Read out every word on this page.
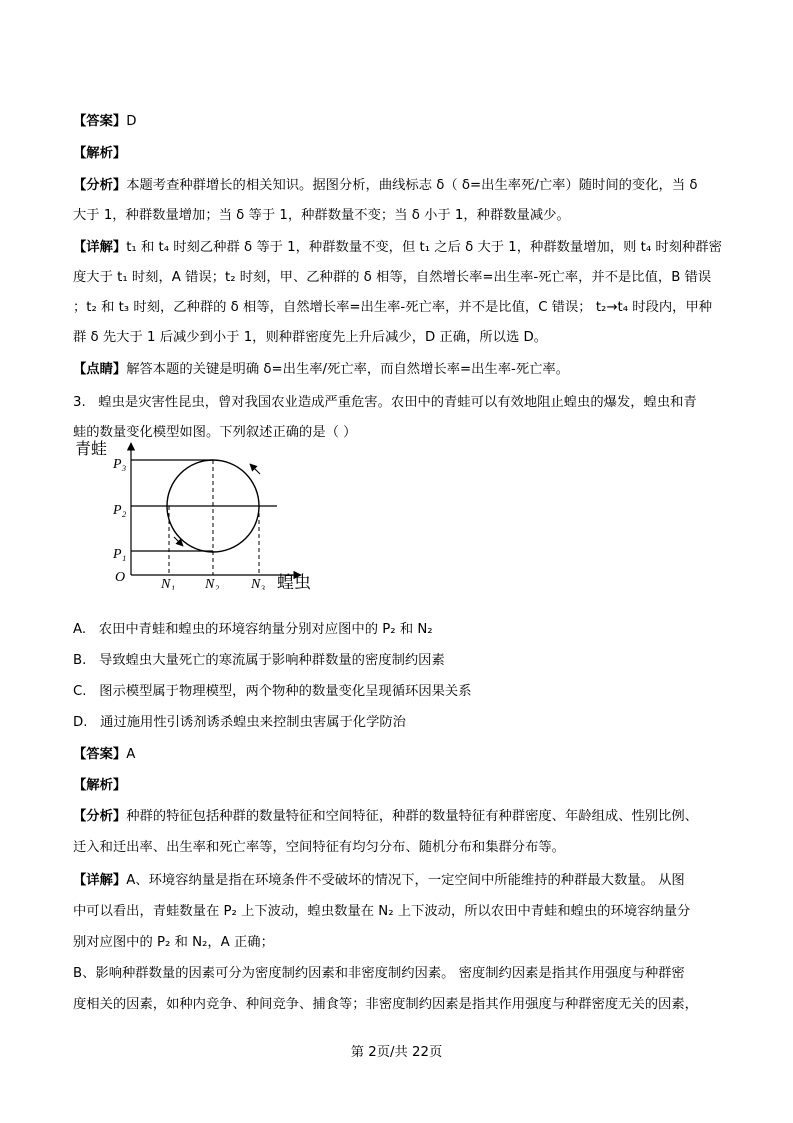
【答案】D
【解析】
【分析】本题考查种群增长的相关知识。据图分析，曲线标志 δ（ δ=出生率死/亡率）随时间的变化，当 δ
大于 1，种群数量增加；当 δ 等于 1，种群数量不变；当 δ 小于 1，种群数量减少。
【详解】t₁ 和 t₄ 时刻乙种群 δ 等于 1，种群数量不变，但 t₁ 之后 δ 大于 1，种群数量增加，则 t₄ 时刻种群密
度大于 t₁ 时刻，A 错误；t₂ 时刻，甲、乙种群的 δ 相等，自然增长率=出生率-死亡率，并不是比值，B 错误
；t₂ 和 t₃ 时刻，乙种群的 δ 相等，自然增长率=出生率-死亡率，并不是比值，C 错误； t₂→t₄ 时段内，甲种
群 δ 先大于 1 后减少到小于 1，则种群密度先上升后减少，D 正确，所以选 D。
【点睛】解答本题的关键是明确 δ=出生率/死亡率，而自然增长率=出生率-死亡率。
3. 蝗虫是灾害性昆虫，曾对我国农业造成严重危害。农田中的青蛙可以有效地阻止蝗虫的爆发，蝗虫和青
蛙的数量变化模型如图。下列叙述正确的是（ ）
青蛙
P₃
P₂
P₁
O	N₁ N₂ N₃ 蝗虫
A. 农田中青蛙和蝗虫的环境容纳量分别对应图中的 P₂ 和 N₂
B. 导致蝗虫大量死亡的寒流属于影响种群数量的密度制约因素
C. 图示模型属于物理模型，两个物种的数量变化呈现循环因果关系
D. 通过施用性引诱剂诱杀蝗虫来控制虫害属于化学防治
【答案】A
【解析】
【分析】种群的特征包括种群的数量特征和空间特征，种群的数量特征有种群密度、年龄组成、性别比例、
迁入和迁出率、出生率和死亡率等，空间特征有均匀分布、随机分布和集群分布等。
【详解】A、环境容纳量是指在环境条件不受破坏的情况下，一定空间中所能维持的种群最大数量。 从图
中可以看出，青蛙数量在 P₂ 上下波动，蝗虫数量在 N₂ 上下波动，所以农田中青蛙和蝗虫的环境容纳量分
别对应图中的 P₂ 和 N₂，A 正确；
B、影响种群数量的因素可分为密度制约因素和非密度制约因素。 密度制约因素是指其作用强度与种群密
度相关的因素，如种内竞争、种间竞争、捕食等；非密度制约因素是指其作用强度与种群密度无关的因素，
第 2页/共 22页
